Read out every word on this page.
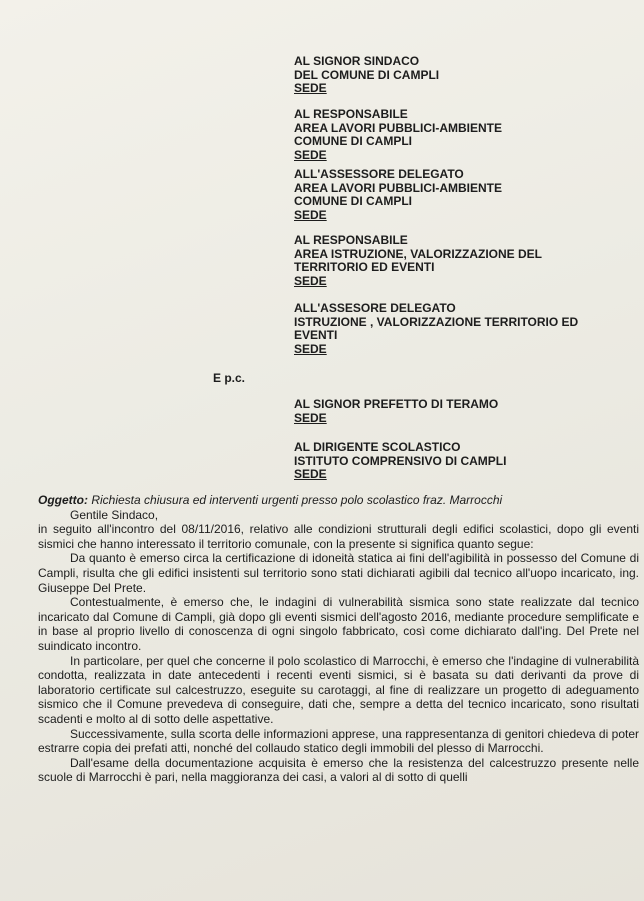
AL SIGNOR SINDACO
DEL COMUNE DI CAMPLI
SEDE
AL RESPONSABILE
AREA LAVORI PUBBLICI-AMBIENTE
COMUNE DI CAMPLI
SEDE
ALL'ASSESSORE DELEGATO
AREA LAVORI PUBBLICI-AMBIENTE
COMUNE DI CAMPLI
SEDE
AL RESPONSABILE
AREA ISTRUZIONE, VALORIZZAZIONE DEL
TERRITORIO ED EVENTI
SEDE
ALL'ASSESORE DELEGATO
ISTRUZIONE , VALORIZZAZIONE TERRITORIO ED
EVENTI
SEDE
E p.c.
AL SIGNOR PREFETTO DI TERAMO
SEDE
AL DIRIGENTE SCOLASTICO
ISTITUTO COMPRENSIVO DI CAMPLI
SEDE

Oggetto: Richiesta chiusura ed interventi urgenti presso polo scolastico fraz. Marrocchi

Gentile Sindaco,

in seguito all'incontro del 08/11/2016, relativo alle condizioni strutturali degli edifici scolastici, dopo gli eventi sismici che hanno interessato il territorio comunale, con la presente si significa quanto segue:

Da quanto è emerso circa la certificazione di idoneità statica ai fini dell'agibilità in possesso del Comune di Campli, risulta che gli edifici insistenti sul territorio sono stati dichiarati agibili dal tecnico all'uopo incaricato, ing. Giuseppe Del Prete.

Contestualmente, è emerso che, le indagini di vulnerabilità sismica sono state realizzate dal tecnico incaricato dal Comune di Campli, già dopo gli eventi sismici dell'agosto 2016, mediante procedure semplificate e in base al proprio livello di conoscenza di ogni singolo fabbricato, così come dichiarato dall'ing. Del Prete nel suindicato incontro.

In particolare, per quel che concerne il polo scolastico di Marrocchi, è emerso che l'indagine di vulnerabilità condotta, realizzata in date antecedenti i recenti eventi sismici, si è basata su dati derivanti da prove di laboratorio certificate sul calcestruzzo, eseguite su carotaggi, al fine di realizzare un progetto di adeguamento sismico che il Comune prevedeva di conseguire, dati che, sempre a detta del tecnico incaricato, sono risultati scadenti e molto al di sotto delle aspettative.

Successivamente, sulla scorta delle informazioni apprese, una rappresentanza di genitori chiedeva di poter estrarre copia dei prefati atti, nonché del collaudo statico degli immobili del plesso di Marrocchi.

Dall'esame della documentazione acquisita è emerso che la resistenza del calcestruzzo presente nelle scuole di Marrocchi è pari, nella maggioranza dei casi, a valori al di sotto di quelli
